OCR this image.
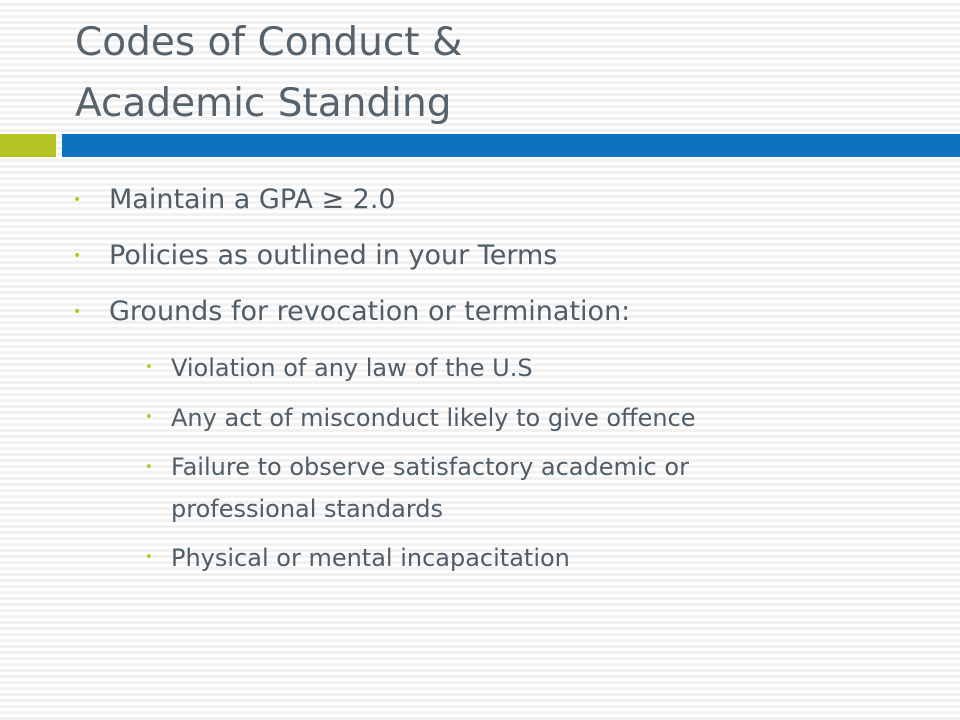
Codes of Conduct &
Academic Standing
• Maintain a GPA ≥ 2.0
• Policies as outlined in your Terms
• Grounds for revocation or termination:
• Violation of any law of the U.S
• Any act of misconduct likely to give offence
• Failure to observe satisfactory academic or
professional standards
• Physical or mental incapacitation
